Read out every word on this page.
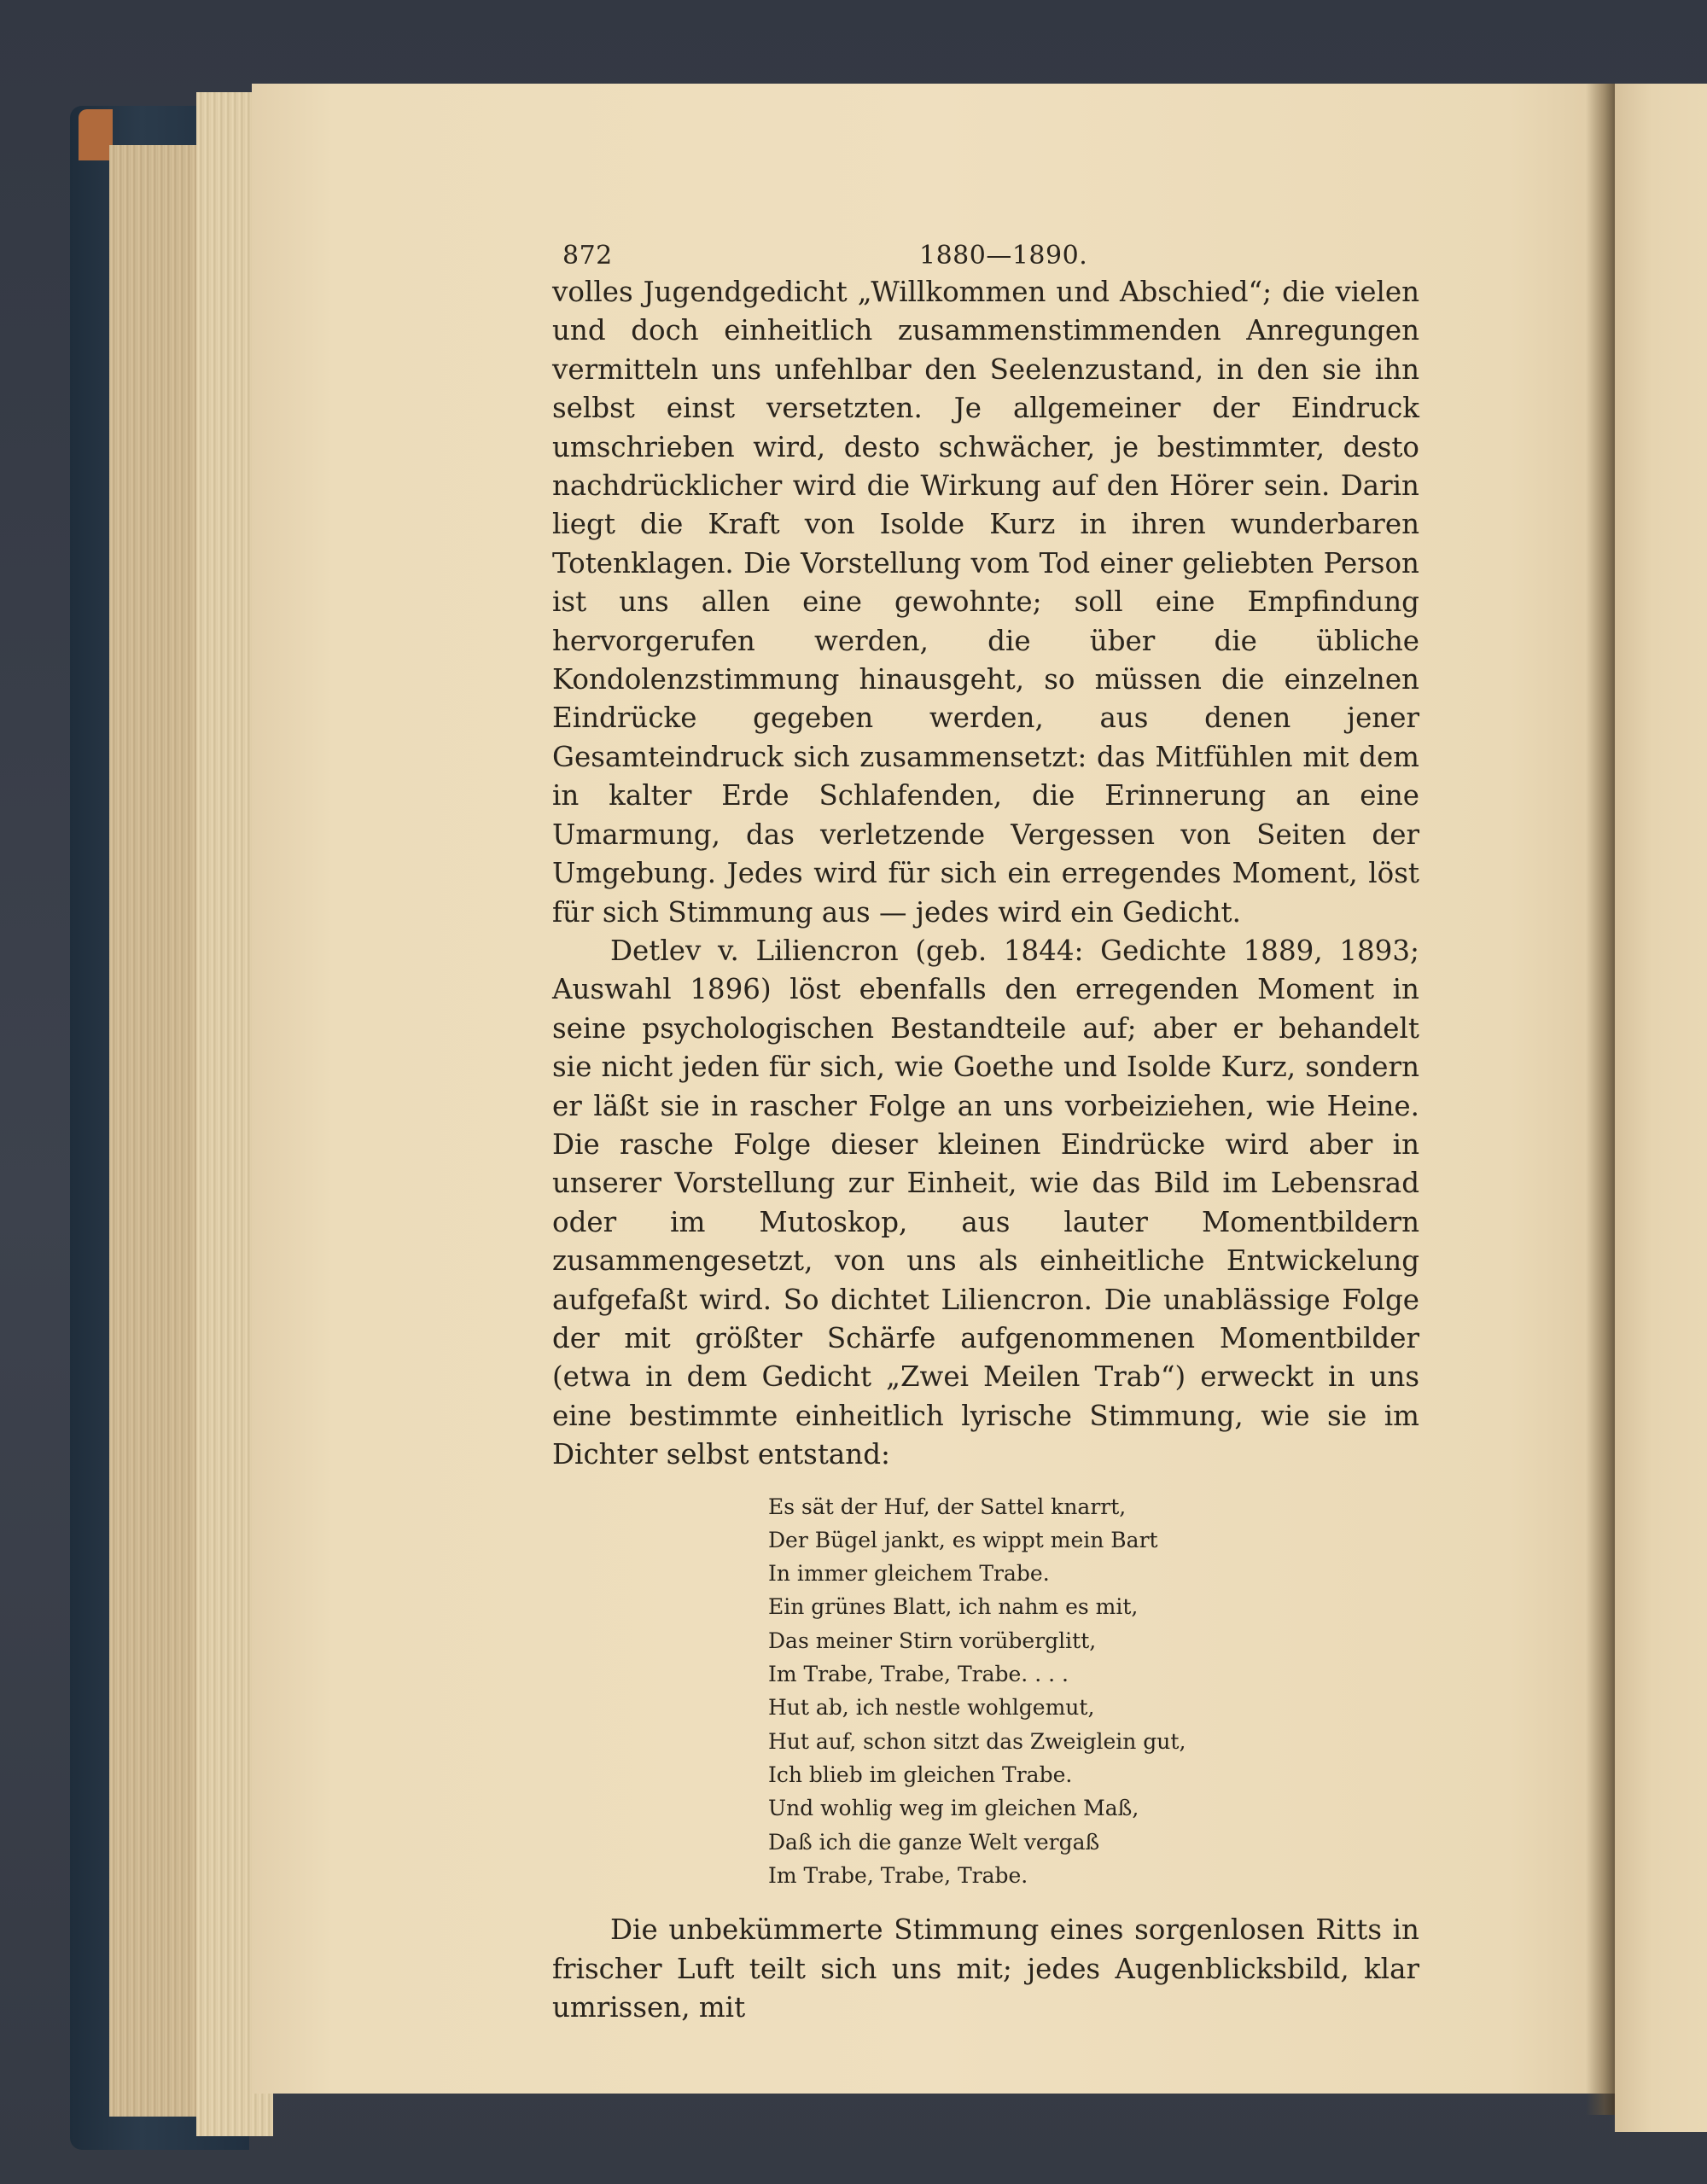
872	1880—1890.

volles Jugendgedicht „Willkommen und Abschied“; die vielen und doch einheitlich zusammenstimmenden Anregungen vermitteln uns unfehlbar den Seelenzustand, in den sie ihn selbst einst versetzten. Je allgemeiner der Eindruck umschrieben wird, desto schwächer, je bestimmter, desto nachdrücklicher wird die Wirkung auf den Hörer sein. Darin liegt die Kraft von Isolde Kurz in ihren wunderbaren Totenklagen. Die Vorstellung vom Tod einer geliebten Person ist uns allen eine gewohnte; soll eine Empfindung hervorgerufen werden, die über die übliche Kondolenzstimmung hinausgeht, so müssen die einzelnen Eindrücke gegeben werden, aus denen jener Gesamteindruck sich zusammensetzt: das Mitfühlen mit dem in kalter Erde Schlafenden, die Erinnerung an eine Umarmung, das verletzende Vergessen von Seiten der Umgebung. Jedes wird für sich ein erregendes Moment, löst für sich Stimmung aus — jedes wird ein Gedicht.

Detlev v. Liliencron (geb. 1844: Gedichte 1889, 1893; Auswahl 1896) löst ebenfalls den erregenden Moment in seine psychologischen Bestandteile auf; aber er behandelt sie nicht jeden für sich, wie Goethe und Isolde Kurz, sondern er läßt sie in rascher Folge an uns vorbeiziehen, wie Heine. Die rasche Folge dieser kleinen Eindrücke wird aber in unserer Vorstellung zur Einheit, wie das Bild im Lebensrad oder im Mutoskop, aus lauter Momentbildern zusammengesetzt, von uns als einheitliche Entwickelung aufgefaßt wird. So dichtet Liliencron. Die unablässige Folge der mit größter Schärfe aufgenommenen Momentbilder (etwa in dem Gedicht „Zwei Meilen Trab“) erweckt in uns eine bestimmte einheitlich lyrische Stimmung, wie sie im Dichter selbst entstand:

Es sät der Huf, der Sattel knarrt,
Der Bügel jankt, es wippt mein Bart
In immer gleichem Trabe.
Ein grünes Blatt, ich nahm es mit,
Das meiner Stirn vorüberglitt,
Im Trabe, Trabe, Trabe. . . .
Hut ab, ich nestle wohlgemut,
Hut auf, schon sitzt das Zweiglein gut,
Ich blieb im gleichen Trabe.
Und wohlig weg im gleichen Maß,
Daß ich die ganze Welt vergaß
Im Trabe, Trabe, Trabe.

Die unbekümmerte Stimmung eines sorgenlosen Ritts in frischer Luft teilt sich uns mit; jedes Augenblicksbild, klar umrissen, mit
